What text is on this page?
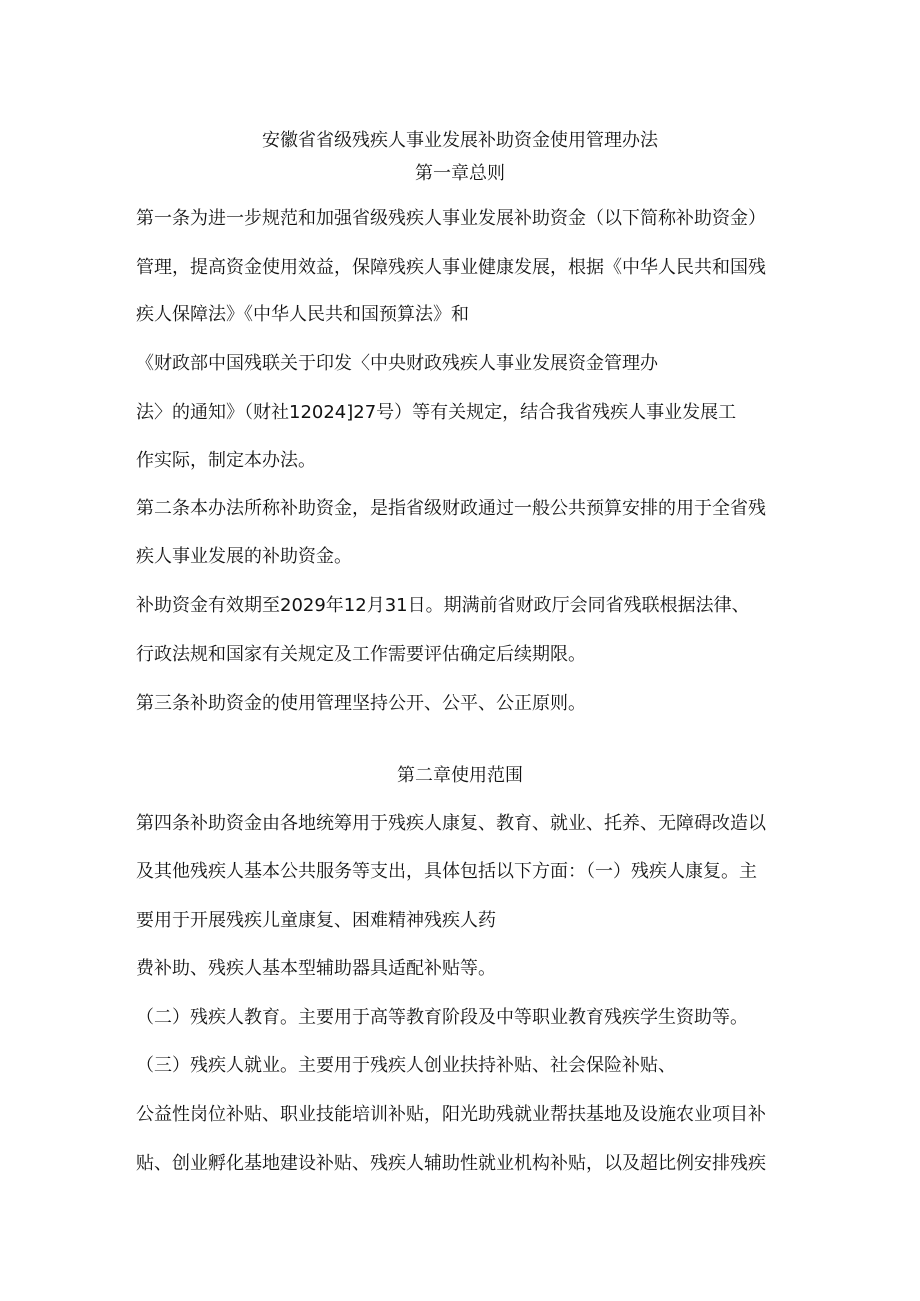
安徽省省级残疾人事业发展补助资金使用管理办法
第一章总则
第一条为进一步规范和加强省级残疾人事业发展补助资金（以下简称补助资金）
管理，提高资金使用效益，保障残疾人事业健康发展，根据《中华人民共和国残
疾人保障法》《中华人民共和国预算法》和
《财政部中国残联关于印发〈中央财政残疾人事业发展资金管理办
法〉的通知》（财社12024]27号）等有关规定，结合我省残疾人事业发展工
作实际，制定本办法。
第二条本办法所称补助资金，是指省级财政通过一般公共预算安排的用于全省残
疾人事业发展的补助资金。
补助资金有效期至2029年12月31日。期满前省财政厅会同省残联根据法律、
行政法规和国家有关规定及工作需要评估确定后续期限。
第三条补助资金的使用管理坚持公开、公平、公正原则。
第二章使用范围
第四条补助资金由各地统筹用于残疾人康复、教育、就业、托养、无障碍改造以
及其他残疾人基本公共服务等支出，具体包括以下方面：（一）残疾人康复。主
要用于开展残疾儿童康复、困难精神残疾人药
费补助、残疾人基本型辅助器具适配补贴等。
（二）残疾人教育。主要用于高等教育阶段及中等职业教育残疾学生资助等。
（三）残疾人就业。主要用于残疾人创业扶持补贴、社会保险补贴、
公益性岗位补贴、职业技能培训补贴，阳光助残就业帮扶基地及设施农业项目补
贴、创业孵化基地建设补贴、残疾人辅助性就业机构补贴，以及超比例安排残疾
